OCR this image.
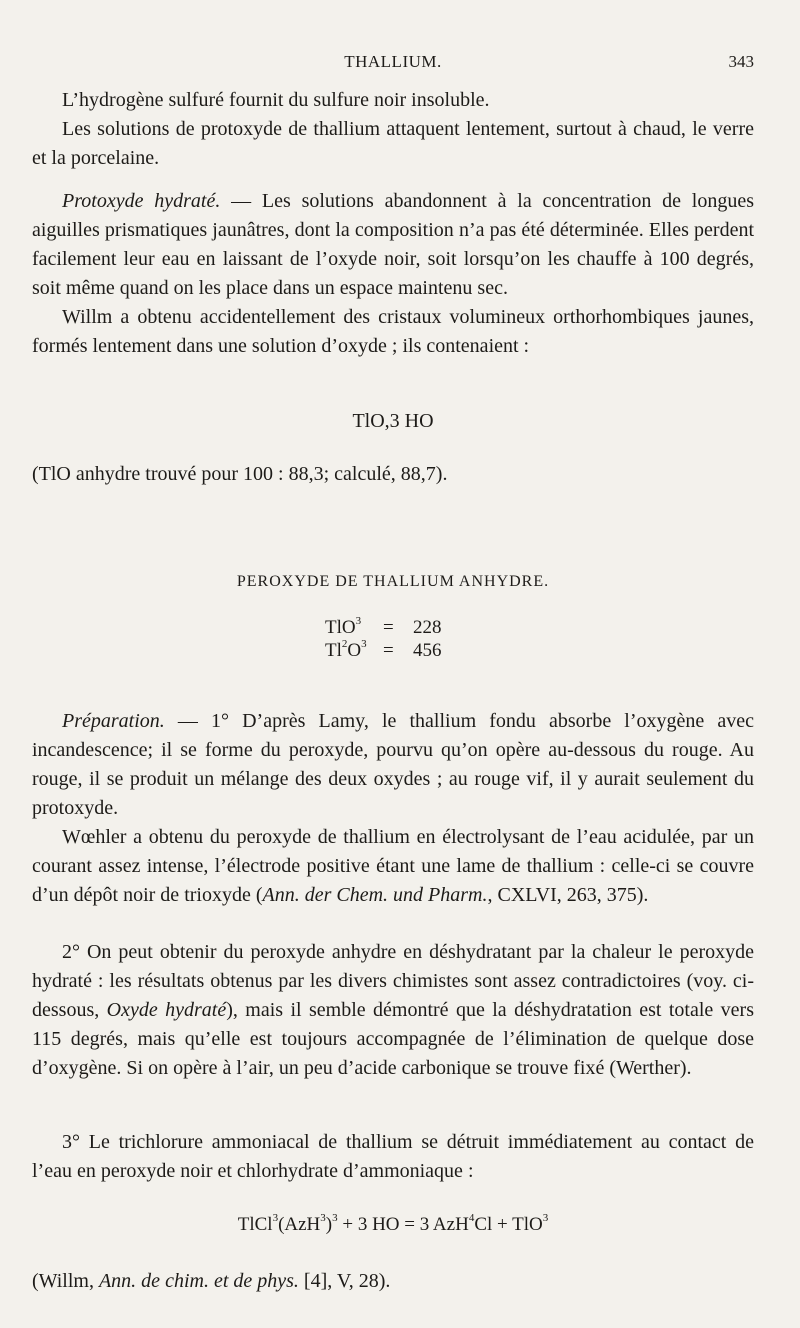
THALLIUM.	343

L’hydrogène sulfuré fournit du sulfure noir insoluble.

Les solutions de protoxyde de thallium attaquent lentement, surtout à chaud, le verre et la porcelaine.

Protoxyde hydraté. — Les solutions abandonnent à la concentration de longues aiguilles prismatiques jaunâtres, dont la composition n’a pas été déterminée. Elles perdent facilement leur eau en laissant de l’oxyde noir, soit lorsqu’on les chauffe à 100 degrés, soit même quand on les place dans un espace maintenu sec.

Willm a obtenu accidentellement des cristaux volumineux orthorhombiques jaunes, formés lentement dans une solution d’oxyde ; ils contenaient :

TlO,3 HO

(TlO anhydre trouvé pour 100 : 88,3; calculé, 88,7).

PEROXYDE DE THALLIUM ANHYDRE.
TlO$^3$ = 228
$Tl^2O^3 = 456$

Préparation. — 1° D’après Lamy, le thallium fondu absorbe l’oxygène avec incandescence; il se forme du peroxyde, pourvu qu’on opère au-dessous du rouge. Au rouge, il se produit un mélange des deux oxydes ; au rouge vif, il y aurait seulement du protoxyde.

Wœhler a obtenu du peroxyde de thallium en électrolysant de l’eau acidulée, par un courant assez intense, l’électrode positive étant une lame de thallium : celle-ci se couvre d’un dépôt noir de trioxyde (Ann. der Chem. und Pharm., CXLVI, 263, 375).

2° On peut obtenir du peroxyde anhydre en déshydratant par la chaleur le peroxyde hydraté : les résultats obtenus par les divers chimistes sont assez contradictoires (voy. ci-dessous, Oxyde hydraté), mais il semble démontré que la déshydratation est totale vers 115 degrés, mais qu’elle est toujours accompagnée de l’élimination de quelque dose d’oxygène. Si on opère à l’air, un peu d’acide carbonique se trouve fixé (Werther).

3° Le trichlorure ammoniacal de thallium se détruit immédiatement au contact de l’eau en peroxyde noir et chlorhydrate d’ammoniaque :

$TlCl^3(AzH^3)^3 + 3$ HO = 3 AzH$^4$Cl + TlO$^3$

(Willm, Ann. de chim. et de phys. [4], V, 28).
